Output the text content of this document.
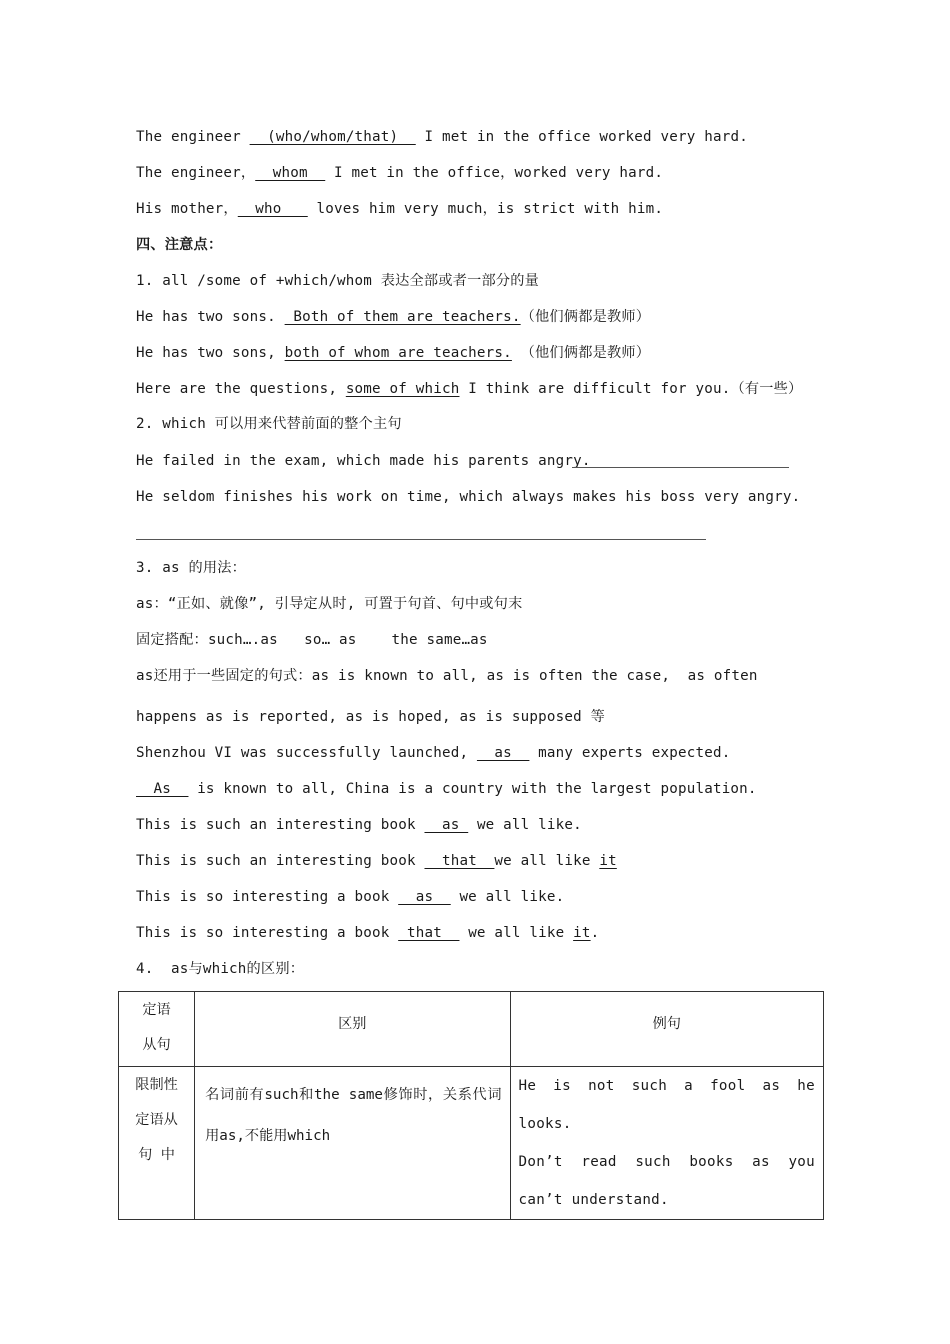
The engineer __(who/whom/that)__ I met in the office worked very hard.
The engineer，__whom__ I met in the office，worked very hard.
His mother，__who___ loves him very much，is strict with him.
四、注意点：
1. all /some of +which/whom 表达全部或者一部分的量
He has two sons.  Both of them are teachers.（他们俩都是教师）
He has two sons, both of whom are teachers. （他们俩都是教师）
Here are the questions, some of which I think are difficult for you.（有一些）
2. which 可以用来代替前面的整个主句
He failed in the exam, which made his parents angry.
He seldom finishes his work on time, which always makes his boss very angry.
3. as 的用法：
as：“正如、就像”, 引导定从时, 可置于句首、句中或句末
固定搭配：such….as   so… as    the same…as
as还用于一些固定的句式：as is known to all, as is often the case,  as often
happens as is reported, as is hoped, as is supposed 等
Shenzhou VI was successfully launched, __as__ many experts expected.
__As__ is known to all, China is a country with the largest population.
This is such an interesting book __as_ we all like.
This is such an interesting book __that__we all like it
This is so interesting a book __as__ we all like.
This is so interesting a book _that__ we all like it.
4.  as与which的区别：
定语
从句	区别	例句

限制性
定语从
句 中	名词前有such和the same修饰时，关系代词用as,不能用which	He is not such a fool as he looks.
Don’t read such books as you can’t understand.
